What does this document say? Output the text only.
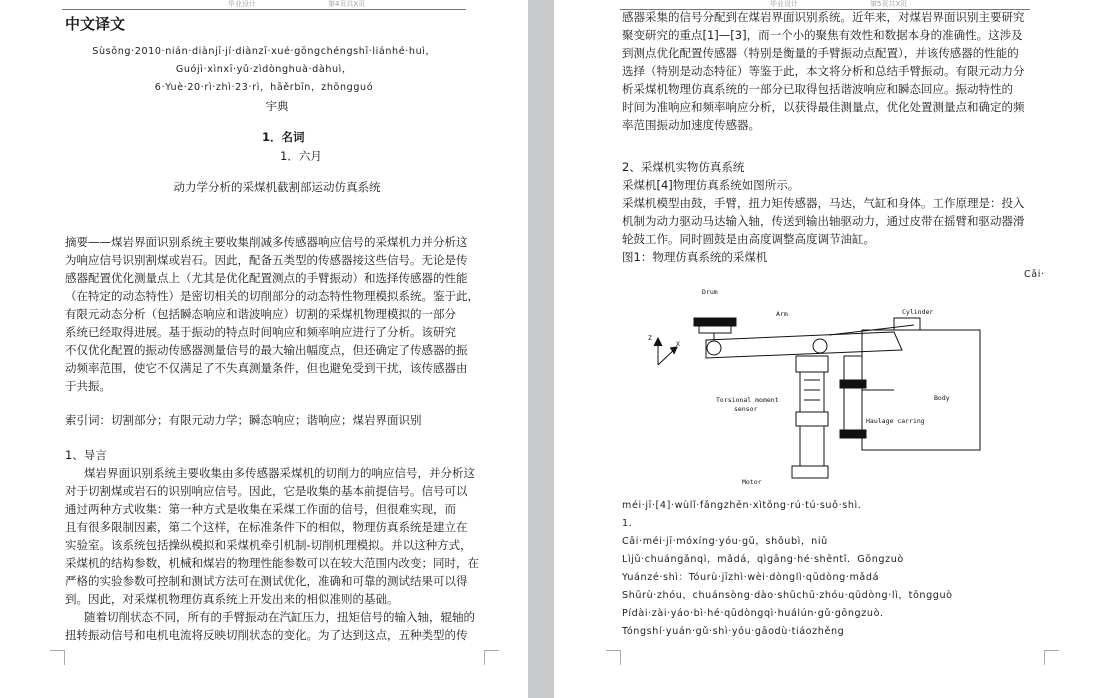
毕业设计	第4页共X页
中文译文
Sùsōng·2010·nián·diànjī·jí·diànzī·xué·gōngchéngshī·liánhé·huì，
Guójì·xìnxī·yǔ·zìdònghuà·dàhuì，
6·Yuè·20·rì·zhì·23·rì，hāěrbīn，zhōngguó
宇典
1．名词
1．六月
动力学分析的采煤机截割部运动仿真系统
摘要——煤岩界面识别系统主要收集削减多传感器响应信号的采煤机力并分析这
为响应信号识别割煤或岩石。因此，配备五类型的传感器接这些信号。无论是传
感器配置优化测量点上（尤其是优化配置测点的手臂振动）和选择传感器的性能
（在特定的动态特性）是密切相关的切削部分的动态特性物理模拟系统。鉴于此，
有限元动态分析（包括瞬态响应和谐波响应）切割的采煤机物理模拟的一部分
系统已经取得进展。基于振动的特点时间响应和频率响应进行了分析。该研究
不仅优化配置的振动传感器测量信号的最大输出幅度点，但还确定了传感器的振
动频率范围，使它不仅满足了不失真测量条件，但也避免受到干扰，该传感器由
于共振。
索引词：切割部分；有限元动力学；瞬态响应；谐响应；煤岩界面识别
1、导言
煤岩界面识别系统主要收集由多传感器采煤机的切削力的响应信号，并分析这
对于切割煤或岩石的识别响应信号。因此，它是收集的基本前提信号。信号可以
通过两种方式收集：第一种方式是收集在采煤工作面的信号，但很难实现，而
且有很多限制因素，第二个这样，在标准条件下的相似，物理仿真系统是建立在
实验室。该系统包括操纵模拟和采煤机牵引机制-切削机理模拟。并以这种方式，
采煤机的结构参数，机械和煤岩的物理性能参数可以在较大范围内改变；同时，在
严格的实验参数可控制和测试方法可在测试优化，准确和可靠的测试结果可以得
到。因此，对采煤机物理仿真系统上开发出来的相似准则的基础。
随着切削状态不同，所有的手臂振动在汽缸压力，扭矩信号的输入轴，辊轴的
扭转振动信号和电机电流将反映切削状态的变化。为了达到这点，五种类型的传
毕业设计	第5页共X页
感器采集的信号分配到在煤岩界面识别系统。近年来，对煤岩界面识别主要研究
聚变研究的重点[1]—[3]，而一个小的聚焦有效性和数据本身的准确性。这涉及
到测点优化配置传感器（特别是衡量的手臂振动点配置），并该传感器的性能的
选择（特别是动态特征）等鉴于此，本文将分析和总结手臂振动。有限元动力分
析采煤机物理仿真系统的一部分已取得包括谐波响应和瞬态回应。振动特性的
时间为准响应和频率响应分析，以获得最佳测量点，优化处置测量点和确定的频
率范围振动加速度传感器。
2、采煤机实物仿真系统
采煤机[4]物理仿真系统如图所示。
采煤机模型由鼓，手臂，扭力矩传感器，马达，气缸和身体。工作原理是：投入
机制为动力驱动马达输入轴，传送到输出轴驱动力，通过皮带在摇臂和驱动器滑
轮鼓工作。同时圆鼓是由高度调整高度调节油缸。
图1：物理仿真系统的采煤机
Cǎi·
Z
X
Drum
Arm	Cylinder
Torsional moment
sensor
Body
Haulage carring
Motor
méi·jī·[4]·wùlǐ·fǎngzhēn·xìtǒng·rú·tú·suǒ·shì．
1．
Cǎi·méi·jī·móxíng·yóu·gǔ，shǒubì，niǔ
Lìjǔ·chuángǎnqì，mǎdá，qìgāng·hé·shēntǐ．Gōngzuò
Yuánzé·shì：Tóurù·jīzhì·wèi·dònglì·qūdòng·mǎdá
Shūrù·zhóu，chuánsòng·dào·shūchū·zhóu·qūdòng·lì，tōngguò
Pídài·zài·yáo·bì·hé·qūdòngqì·huálún·gǔ·gōngzuò．
Tóngshí·yuán·gǔ·shì·yóu·gāodù·tiáozhěng
